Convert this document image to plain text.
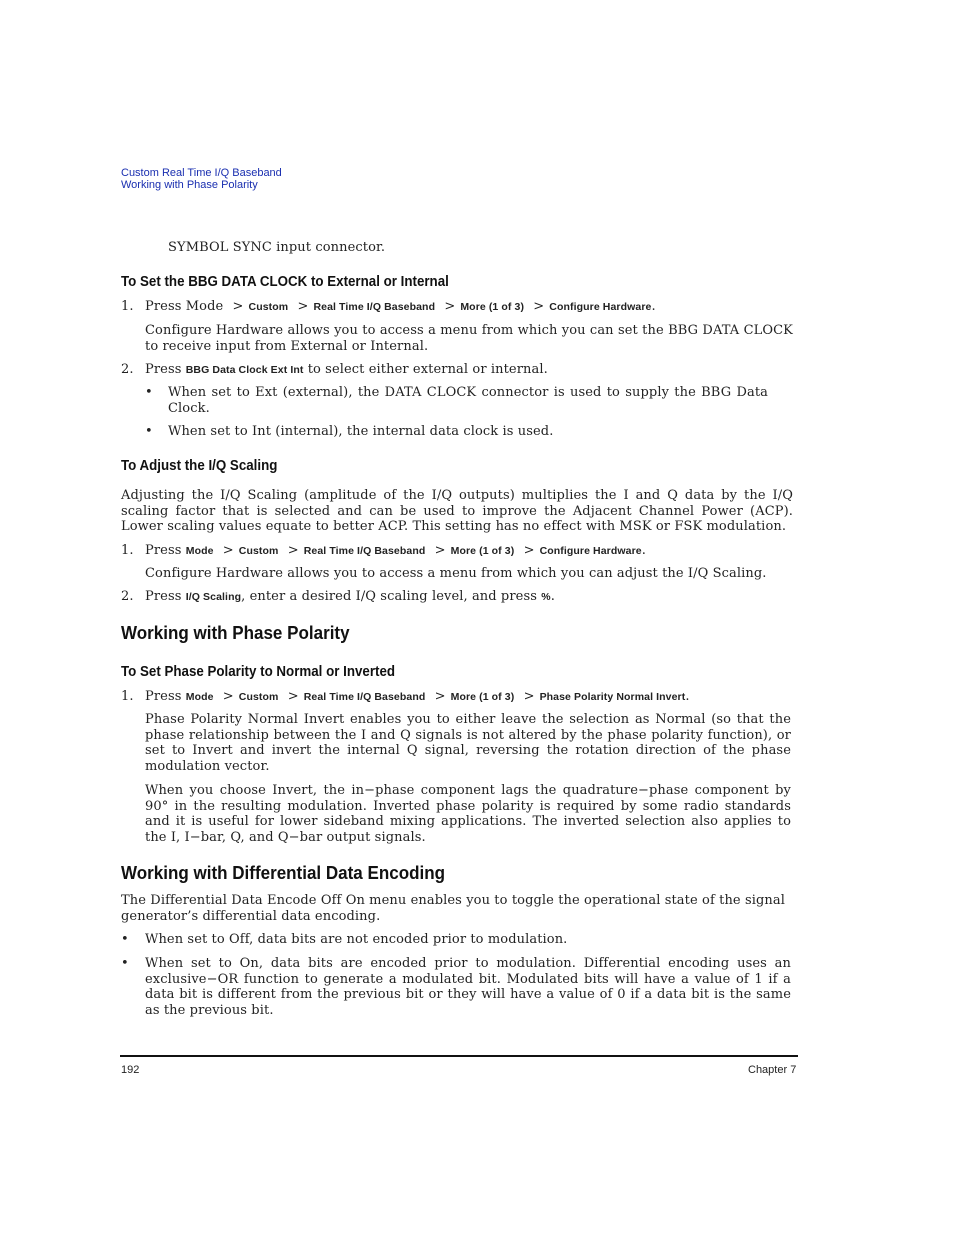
Custom Real Time I/Q Baseband
Working with Phase Polarity
SYMBOL SYNC input connector.
To Set the BBG DATA CLOCK to External or Internal
1. Press Mode > Custom > Real Time I/Q Baseband > More (1 of 3) > Configure Hardware.
Configure Hardware allows you to access a menu from which you can set the BBG DATA CLOCK to receive input from External or Internal.
2. Press BBG Data Clock Ext Int to select either external or internal.
• When set to Ext (external), the DATA CLOCK connector is used to supply the BBG Data Clock.
• When set to Int (internal), the internal data clock is used.
To Adjust the I/Q Scaling
Adjusting the I/Q Scaling (amplitude of the I/Q outputs) multiplies the I and Q data by the I/Q scaling factor that is selected and can be used to improve the Adjacent Channel Power (ACP). Lower scaling values equate to better ACP. This setting has no effect with MSK or FSK modulation.
1. Press Mode > Custom > Real Time I/Q Baseband > More (1 of 3) > Configure Hardware.
Configure Hardware allows you to access a menu from which you can adjust the I/Q Scaling.
2. Press I/Q Scaling, enter a desired I/Q scaling level, and press %.
Working with Phase Polarity
To Set Phase Polarity to Normal or Inverted
1. Press Mode > Custom > Real Time I/Q Baseband > More (1 of 3) > Phase Polarity Normal Invert.
Phase Polarity Normal Invert enables you to either leave the selection as Normal (so that the phase relationship between the I and Q signals is not altered by the phase polarity function), or set to Invert and invert the internal Q signal, reversing the rotation direction of the phase modulation vector.
When you choose Invert, the in−phase component lags the quadrature−phase component by 90° in the resulting modulation. Inverted phase polarity is required by some radio standards and it is useful for lower sideband mixing applications. The inverted selection also applies to the I, I−bar, Q, and Q−bar output signals.
Working with Differential Data Encoding
The Differential Data Encode Off On menu enables you to toggle the operational state of the signal generator’s differential data encoding.
• When set to Off, data bits are not encoded prior to modulation.
• When set to On, data bits are encoded prior to modulation. Differential encoding uses an exclusive−OR function to generate a modulated bit. Modulated bits will have a value of 1 if a data bit is different from the previous bit or they will have a value of 0 if a data bit is the same as the previous bit.
192	Chapter 7
